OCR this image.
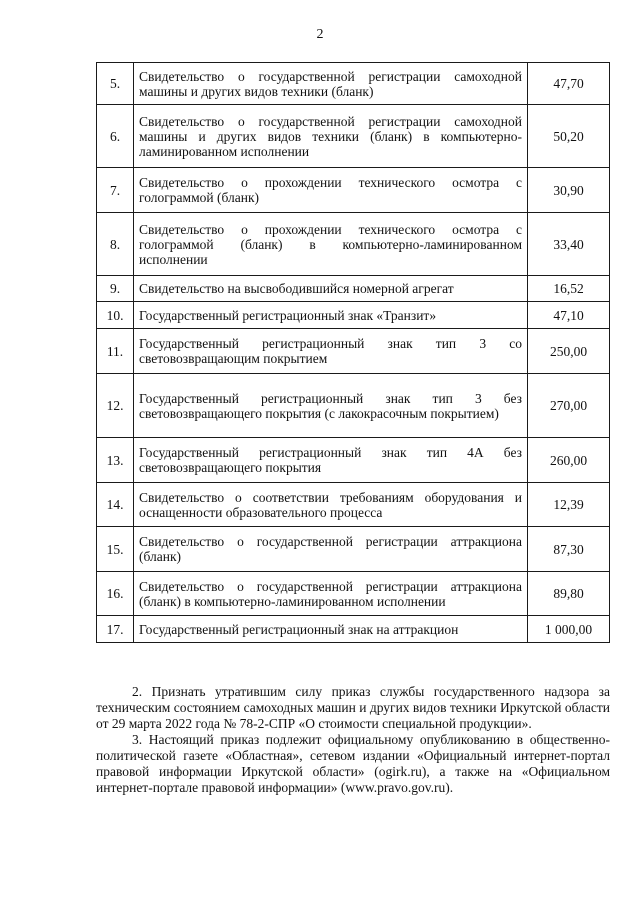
2
5.	Свидетельство о государственной регистрации самоходной машины и других видов техники (бланк)	47,70
6.	Свидетельство о государственной регистрации самоходной машины и других видов техники (бланк) в компьютерно-ламинированном исполнении	50,20
7.	Свидетельство о прохождении технического осмотра с голограммой (бланк)	30,90
8.	Свидетельство о прохождении технического осмотра с голограммой (бланк) в компьютерно-ламинированном исполнении	33,40
9.	Свидетельство на высвободившийся номерной агрегат	16,52
10.	Государственный регистрационный знак «Транзит»	47,10
11.	Государственный регистрационный знак тип 3 со световозвращающим покрытием	250,00
12.	Государственный регистрационный знак тип 3 без световозвращающего покрытия (с лакокрасочным покрытием)	270,00
13.	Государственный регистрационный знак тип 4А без световозвращающего покрытия	260,00
14.	Свидетельство о соответствии требованиям оборудования и оснащенности образовательного процесса	12,39
15.	Свидетельство о государственной регистрации аттракциона (бланк)	87,30
16.	Свидетельство о государственной регистрации аттракциона (бланк) в компьютерно-ламинированном исполнении	89,80
17.	Государственный регистрационный знак на аттракцион	1 000,00

2. Признать утратившим силу приказ службы государственного надзора за техническим состоянием самоходных машин и других видов техники Иркутской области от 29 марта 2022 года № 78-2-СПР «О стоимости специальной продукции».

3. Настоящий приказ подлежит официальному опубликованию в общественно-политической газете «Областная», сетевом издании «Официальный интернет-портал правовой информации Иркутской области» (ogirk.ru), а также на «Официальном интернет-портале правовой информации» (www.pravo.gov.ru).
